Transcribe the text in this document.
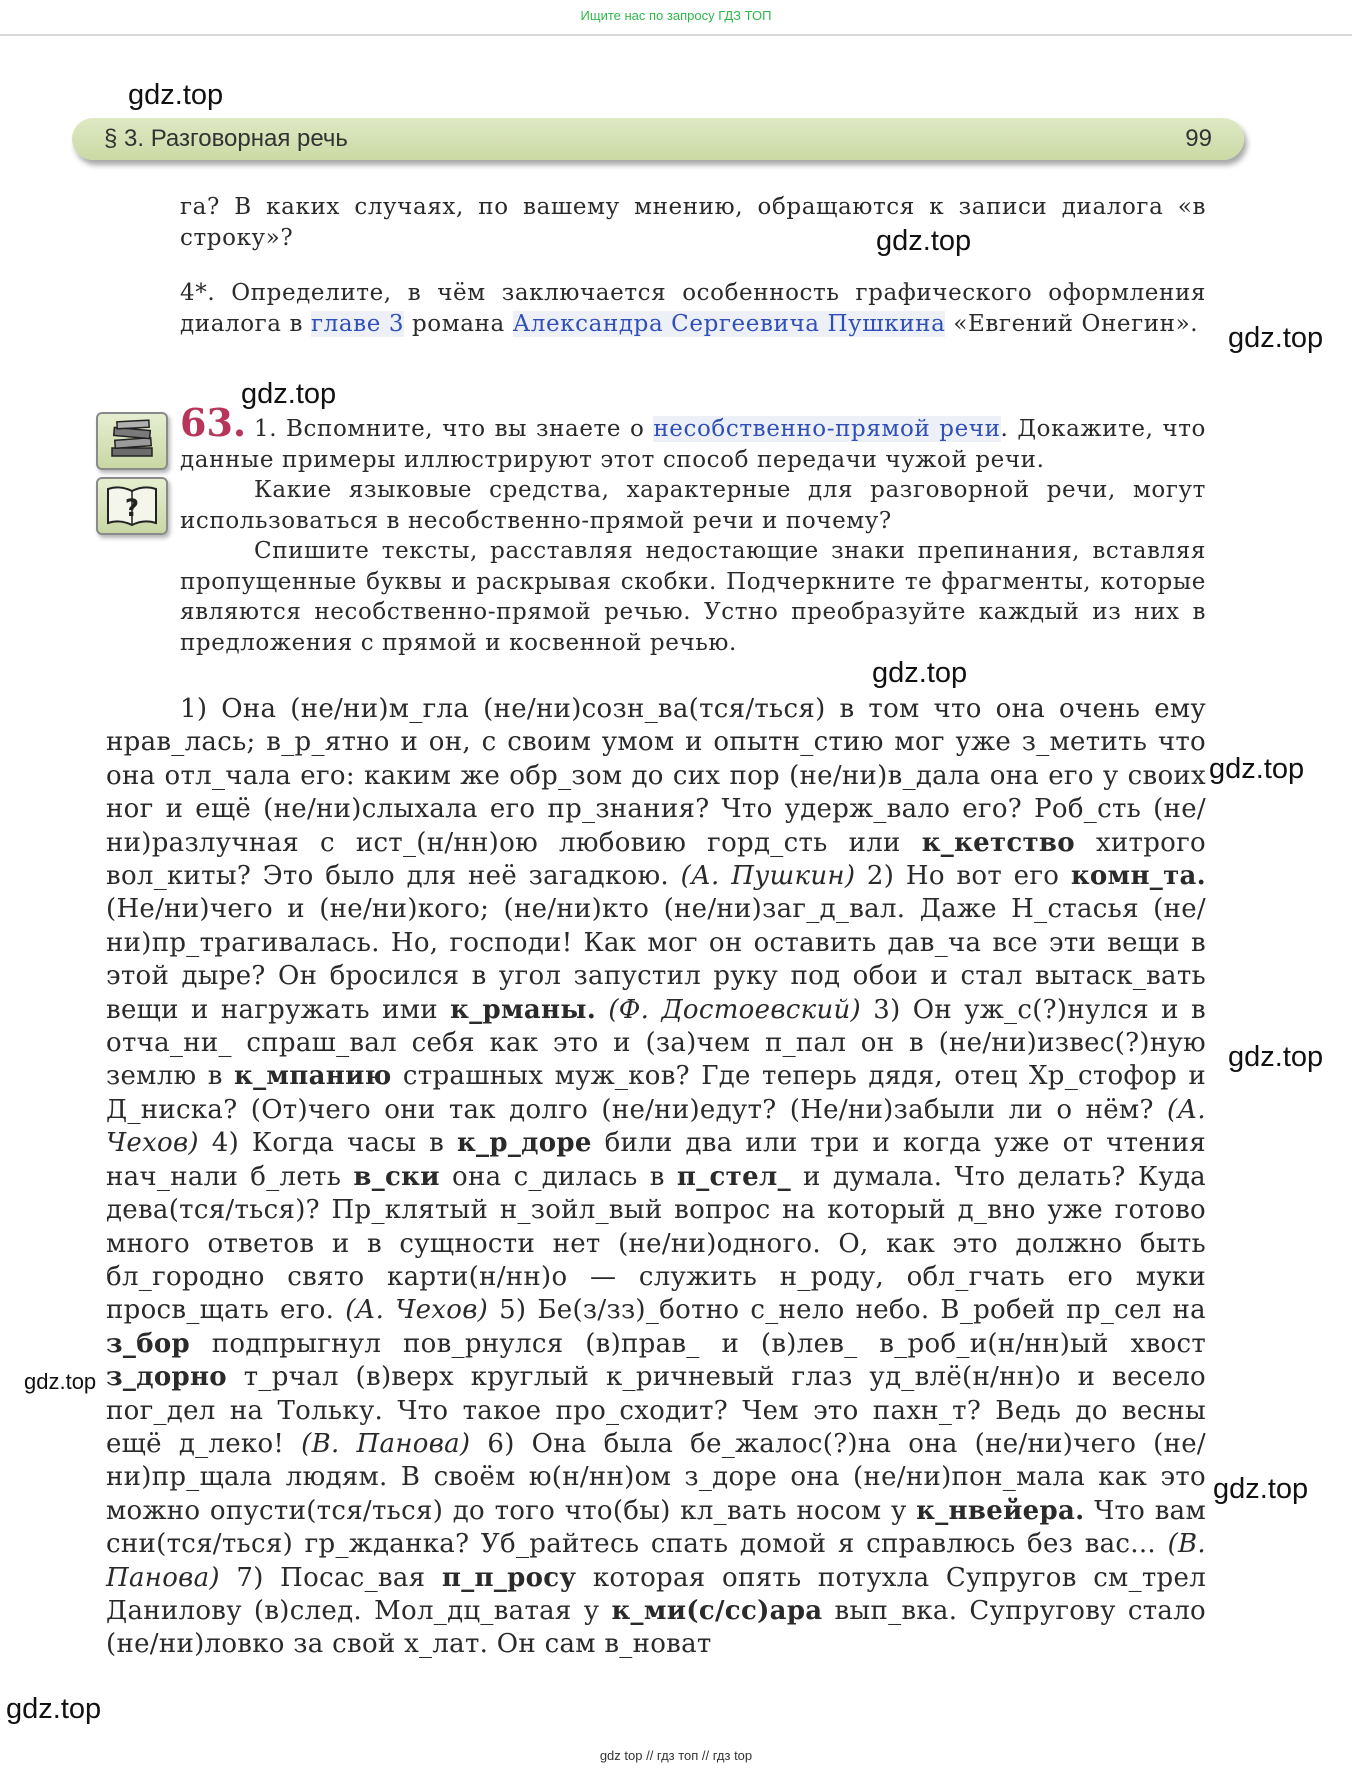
Ищите нас по запросу ГДЗ ТОП
gdz.top
§ 3. Разговорная речь	99

га? В каких случаях, по вашему мнению, обращаются к записи диалога «в строку»?	gdz.top

4*. Определите, в чём заключается особенность графического оформления диалога в главе 3 романа Александра Сергеевича Пушкина «Евгений Онегин». gdz.top
gdz.top
?
63. 1. Вспомните, что вы знаете о несобственно-прямой речи. Докажите, что данные примеры иллюстрируют этот способ передачи чужой речи.

Какие языковые средства, характерные для разговорной речи, могут использоваться в несобственно-прямой речи и почему?

Спишите тексты, расставляя недостающие знаки препинания, вставляя пропущенные буквы и раскрывая скобки. Подчеркните те фрагменты, которые являются несобственно-прямой речью. Устно преобразуйте каждый из них в предложения с прямой и косвенной речью.

gdz.top

1) Она (не/ни)м_гла (не/ни)созн_ва(тся/ться) в том что она очень ему нрав_лась; в_р_ятно и он, с своим умом и опытн_стию мог уже з_метить что она отл_чала его: каким же обр_зом до сих пор (не/ни)в_дала она его у своих ног и ещё (не/ни)слыхала его пр_знания? Что удерж_вало его? Роб_сть (не/ни)разлучная с ист_(н/нн)ою любовию горд_сть или к_кетство хитрого вол_киты? Это было для неё загадкою. (А. Пушкин) 2) Но вот его комн_та. (Не/ни)чего и (не/ни)кого; (не/ни)кто (не/ни)заг_д_вал. Даже Н_стасья (не/ни)пр_трагивалась. Но, господи! Как мог он оставить дав_ча все эти вещи в этой дыре? Он бросился в угол запустил руку под обои и стал вытаск_вать вещи и нагружать ими к_рманы. (Ф. Достоевский) 3) Он уж_с(?)нулся и в отча_ни_ спраш_вал себя как это и (за)чем п_пал он в (не/ни)извес(?)ную землю в к_мпанию страшных муж_ков? Где теперь дядя, отец Хр_стофор и Д_ниска? (От)чего они так долго (не/ни)едут? (Не/ни)забыли ли о нём? (А. Чехов) 4) Когда часы в к_р_доре били два или три и когда уже от чтения нач_нали б_леть в_ски она с_дилась в п_стел_ и думала. Что делать? Куда дева(тся/ться)? Пр_клятый н_зойл_вый вопрос на который д_вно уже готово много ответов и в сущности нет (не/ни)одного. О, как это должно быть бл_городно свято карти(н/нн)о — служить н_роду, обл_гчать его муки просв_щать его. (А. Чехов) 5) Бе(з/зз)_ботно с_нело небо. В_робей пр_сел на з_бор подпрыгнул пов_рнулся (в)прав_ и (в)лев_ в_роб_и(н/нн)ый хвост з_дорно т_рчал (в)верх круглый к_ричневый глаз уд_влё(н/нн)о и весело пог_дел на Тольку. Что такое про_сходит? Чем это пахн_т? Ведь до весны ещё д_леко! (В. Панова) 6) Она была бе_жалос(?)на она (не/ни)чего (не/ни)пр_щала людям. В своём ю(н/нн)ом з_доре она (не/ни)пон_мала как это можно опусти(тся/ться) до того что(бы) кл_вать носом у к_нвейера. Что вам сни(тся/ться) гр_жданка? Уб_райтесь спать домой я справлюсь без вас... (В. Панова) 7) Посас_вая п_п_росу которая опять потухла Супругов см_трел Данилову (в)след. Мол_дц_ватая у к_ми(с/сс)ара вып_вка. Супругову стало (не/ни)ловко за свой х_лат. Он сам в_новат

gdz.top
gdz.top
gdz.top
gdz.top
gdz.top
gdz top // гдз топ // гдз top
